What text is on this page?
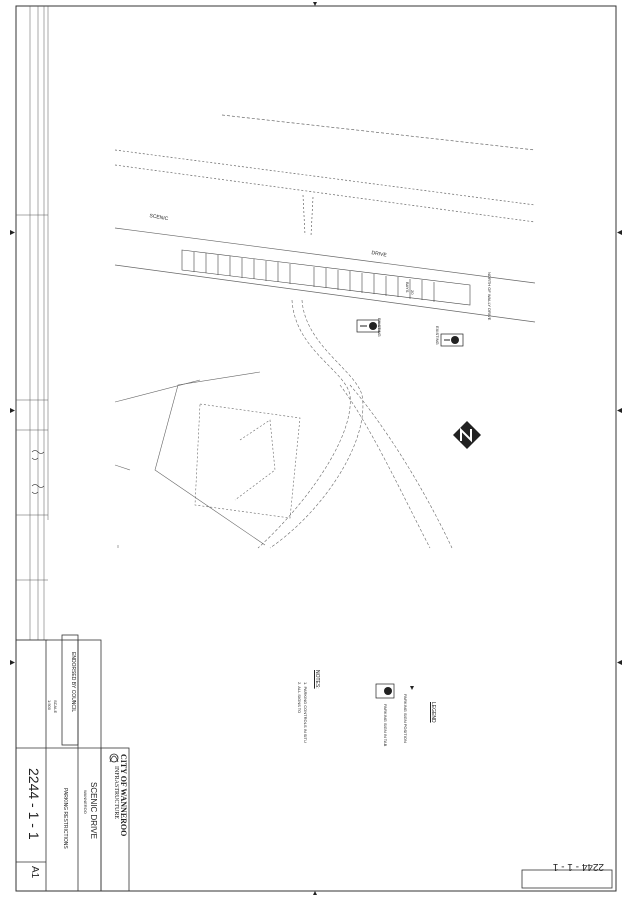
SCENIC
DRIVE
BAYS 20	NORTH OF WALLY DRIVE
EXISTING	EXISTING
LEGEND
PARKING SIGN POSITION
PARKING SIGN IN TAB
NOTES:
1. PARKING CONTROLS IN SITU
2. ALL SIGNS TO
CITY OF WANNEROO
INFRASTRUCTURE
SCENIC DRIVE
WANNEROO
PARKING RESTRICTIONS
2244 - 1 - 1
A1
ENDORSED BY COUNCIL
SCALE
1:500
2244 - 1 - 1
